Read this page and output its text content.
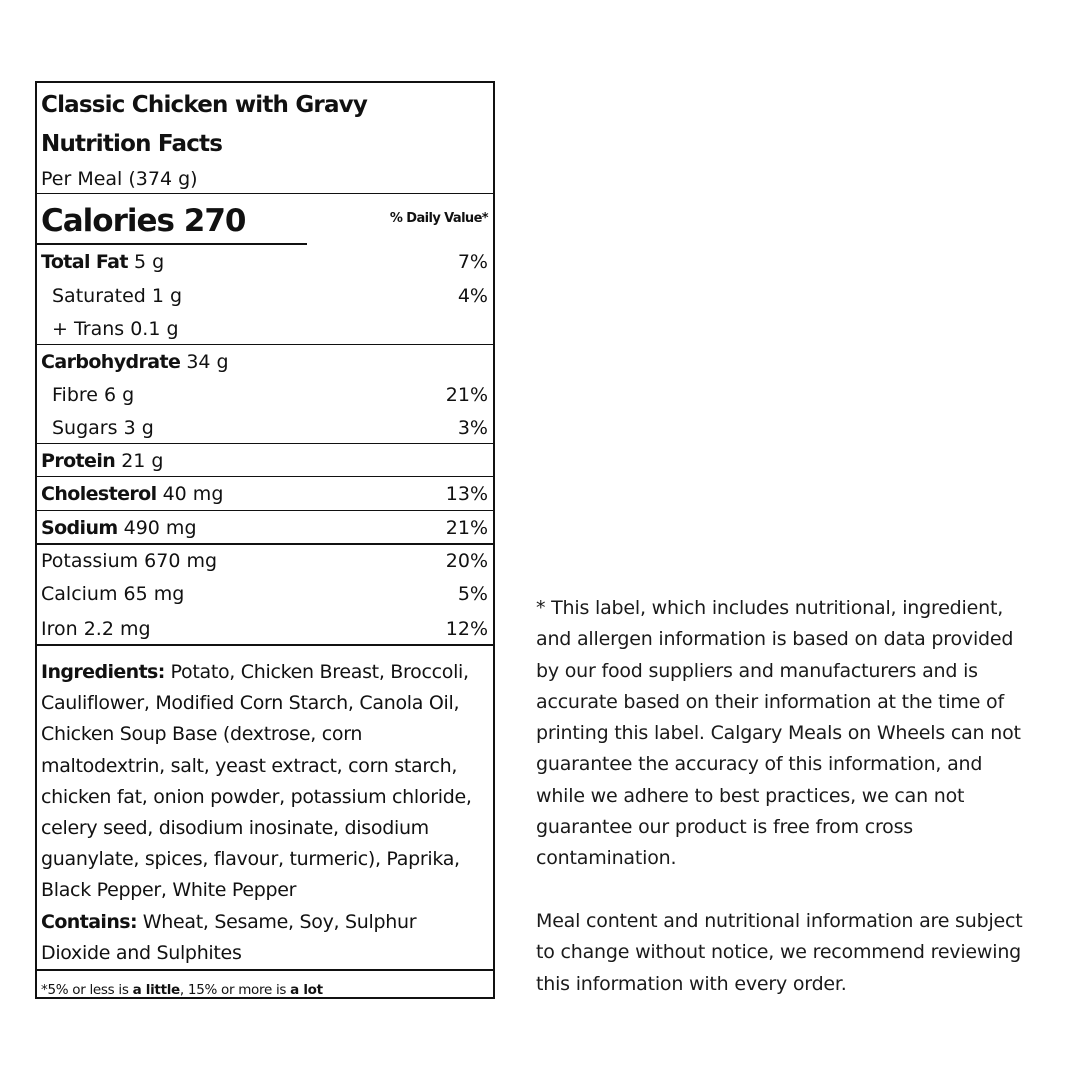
Classic Chicken with Gravy
Nutrition Facts
Per Meal (374 g)
Calories 270	% Daily Value*
Total Fat 5 g	7%
Saturated 1 g	4%
+ Trans 0.1 g
Carbohydrate 34 g
Fibre 6 g	21%
Sugars 3 g	3%
Protein 21 g
Cholesterol 40 mg	13%
Sodium 490 mg	21%
Potassium 670 mg	20%
Calcium 65 mg	5%
Iron 2.2 mg	12%
Ingredients: Potato, Chicken Breast, Broccoli, Cauliflower, Modified Corn Starch, Canola Oil, Chicken Soup Base (dextrose, corn maltodextrin, salt, yeast extract, corn starch, chicken fat, onion powder, potassium chloride, celery seed, disodium inosinate, disodium guanylate, spices, flavour, turmeric), Paprika, Black Pepper, White Pepper
Contains: Wheat, Sesame, Soy, Sulphur Dioxide and Sulphites
*5% or less is a little, 15% or more is a lot
* This label, which includes nutritional, ingredient, and allergen information is based on data provided by our food suppliers and manufacturers and is accurate based on their information at the time of printing this label. Calgary Meals on Wheels can not guarantee the accuracy of this information, and while we adhere to best practices, we can not guarantee our product is free from cross contamination.
Meal content and nutritional information are subject to change without notice, we recommend reviewing this information with every order.
